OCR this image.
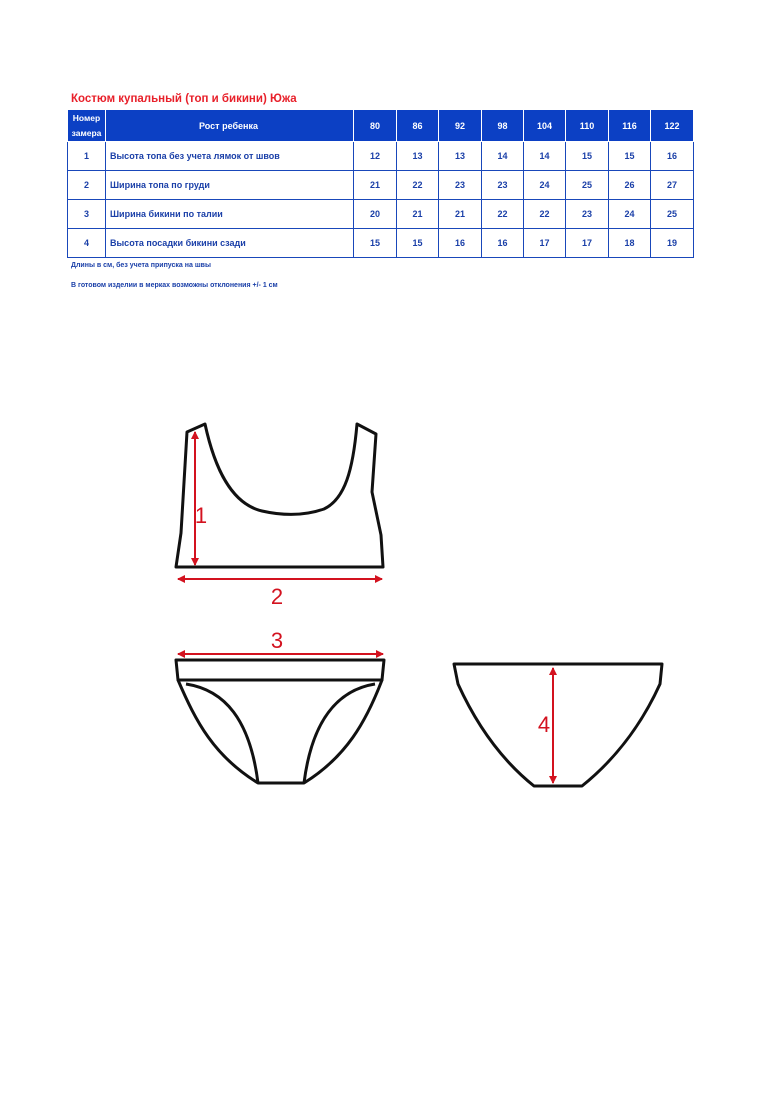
Костюм купальный (топ и бикини) Южа
Номер замера	Рост ребенка	80	86	92	98	104	110	116	122
1	Высота топа без учета лямок от швов	12	13	13	14	14	15	15	16
2	Ширина топа по груди	21	22	23	23	24	25	26	27
3	Ширина бикини по талии	20	21	21	22	22	23	24	25
4	Высота посадки бикини сзади	15	15	16	16	17	17	18	19
Длины в см, без учета припуска на швы
В готовом изделии в мерках возможны отклонения +/- 1 см
1
2
3
4
